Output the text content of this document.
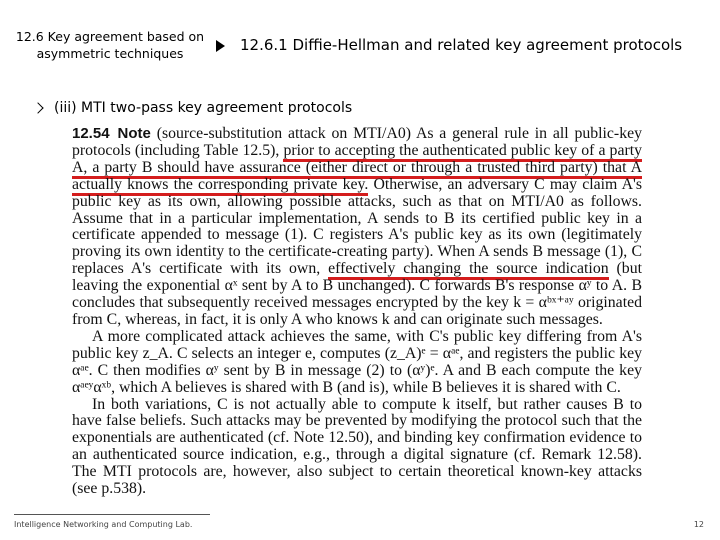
12.6 Key agreement based on asymmetric techniques	12.6.1 Diffie-Hellman and related key agreement protocols
(iii) MTI two-pass key agreement protocols

12.54 Note (source-substitution attack on MTI/A0) As a general rule in all public-key protocols (including Table 12.5), prior to accepting the authenticated public key of a party A, a party B should have assurance (either direct or through a trusted third party) that A actually knows the corresponding private key. Otherwise, an adversary C may claim A's public key as its own, allowing possible attacks, such as that on MTI/A0 as follows. Assume that in a particular implementation, A sends to B its certified public key in a certificate appended to message (1). C registers A's public key as its own (legitimately proving its own identity to the certificate-creating party). When A sends B message (1), C replaces A's certificate with its own, effectively changing the source indication (but leaving the exponential αˣ sent by A to B unchanged). C forwards B's response αʸ to A. B concludes that subsequently received messages encrypted by the key k = αᵇˣ⁺ᵃʸ originated from C, whereas, in fact, it is only A who knows k and can originate such messages.

A more complicated attack achieves the same, with C's public key differing from A's public key z_A. C selects an integer e, computes (z_A)ᵉ = αᵃᵉ, and registers the public key αᵃᵉ. C then modifies αʸ sent by B in message (2) to (αʸ)ᵉ. A and B each compute the key αᵃᵉʸαˣᵇ, which A believes is shared with B (and is), while B believes it is shared with C.

In both variations, C is not actually able to compute k itself, but rather causes B to have false beliefs. Such attacks may be prevented by modifying the protocol such that the exponentials are authenticated (cf. Note 12.50), and binding key confirmation evidence to an authenticated source indication, e.g., through a digital signature (cf. Remark 12.58). The MTI protocols are, however, also subject to certain theoretical known-key attacks (see p.538).

Intelligence Networking and Computing Lab.	12
